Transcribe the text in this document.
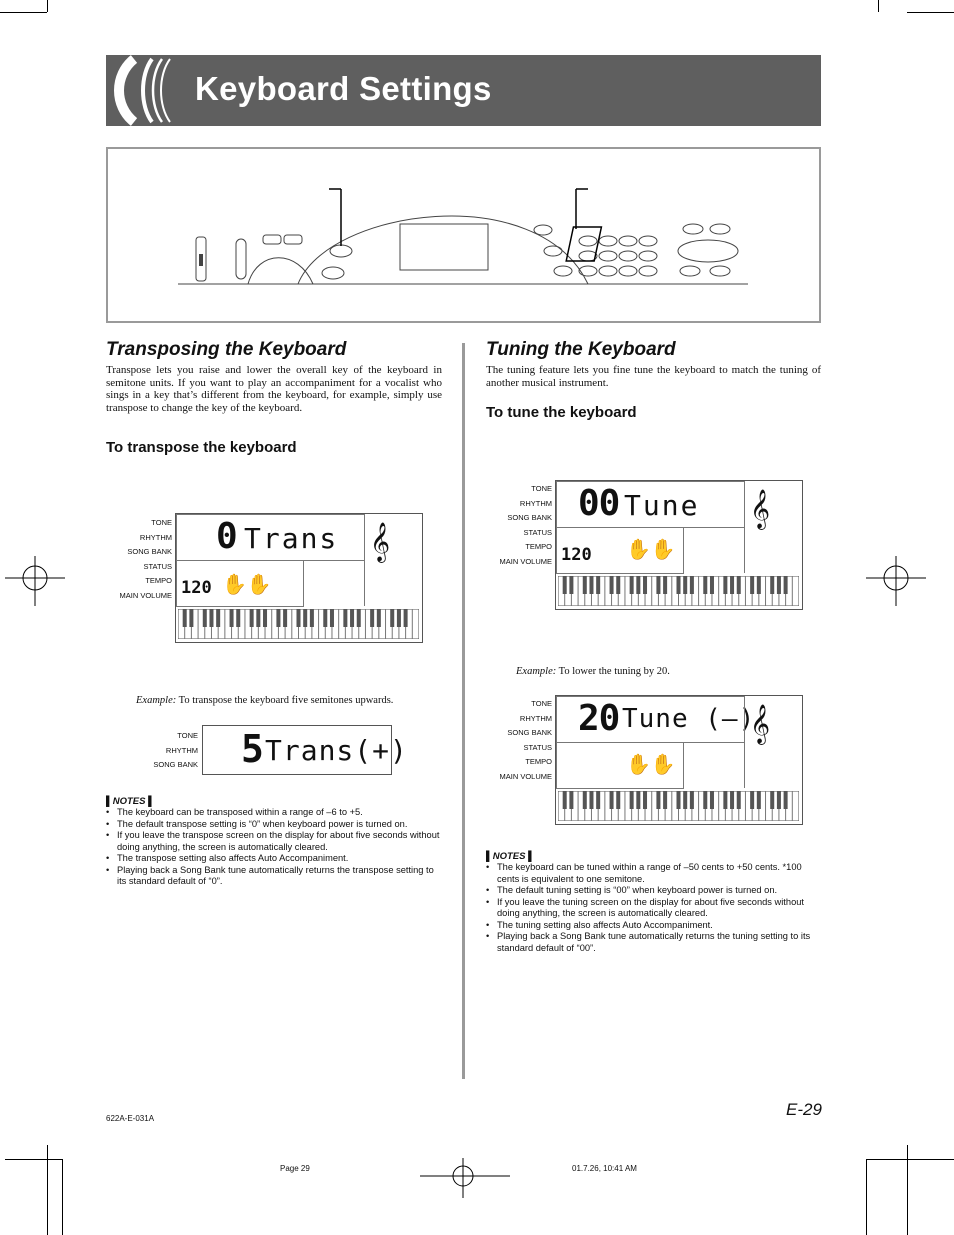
Keyboard Settings
Transposing the Keyboard
Transpose lets you raise and lower the overall key of the keyboard in semitone units. If you want to play an accompaniment for a vocalist who sings in a key that’s different from the keyboard, for example, simply use transpose to change the key of the keyboard.
To transpose the keyboard
TONE
RHYTHM
SONG BANK
STATUS
TEMPO
MAIN VOLUME
0 Trans
120 ✋✋
𝄞
Example: To transpose the keyboard five semitones upwards.
TONE
RHYTHM
SONG BANK 5 Trans(+)
▌NOTES ▌
• The keyboard can be transposed within a range of –6 to +5.
• The default transpose setting is “0” when keyboard power is turned on.
• If you leave the transpose screen on the display for about five seconds without doing anything, the screen is automatically cleared.
• The transpose setting also affects Auto Accompaniment.
• Playing back a Song Bank tune automatically returns the transpose setting to its standard default of “0”.
Tuning the Keyboard
The tuning feature lets you fine tune the keyboard to match the tuning of another musical instrument.
To tune the keyboard
TONE
RHYTHM
SONG BANK
STATUS
TEMPO
MAIN VOLUME
00 Tune
120 ✋✋
𝄞
Example: To lower the tuning by 20.
TONE
RHYTHM
SONG BANK
STATUS
TEMPO
MAIN VOLUME
20 Tune (–)
✋✋
𝄞
▌NOTES ▌
• The keyboard can be tuned within a range of –50 cents to +50 cents. *100 cents is equivalent to one semitone.
• The default tuning setting is “00” when keyboard power is turned on.
• If you leave the tuning screen on the display for about five seconds without doing anything, the screen is automatically cleared.
• The tuning setting also affects Auto Accompaniment.
• Playing back a Song Bank tune automatically returns the tuning setting to its standard default of “00”.
E-29
622A-E-031A
Page 29	01.7.26, 10:41 AM
